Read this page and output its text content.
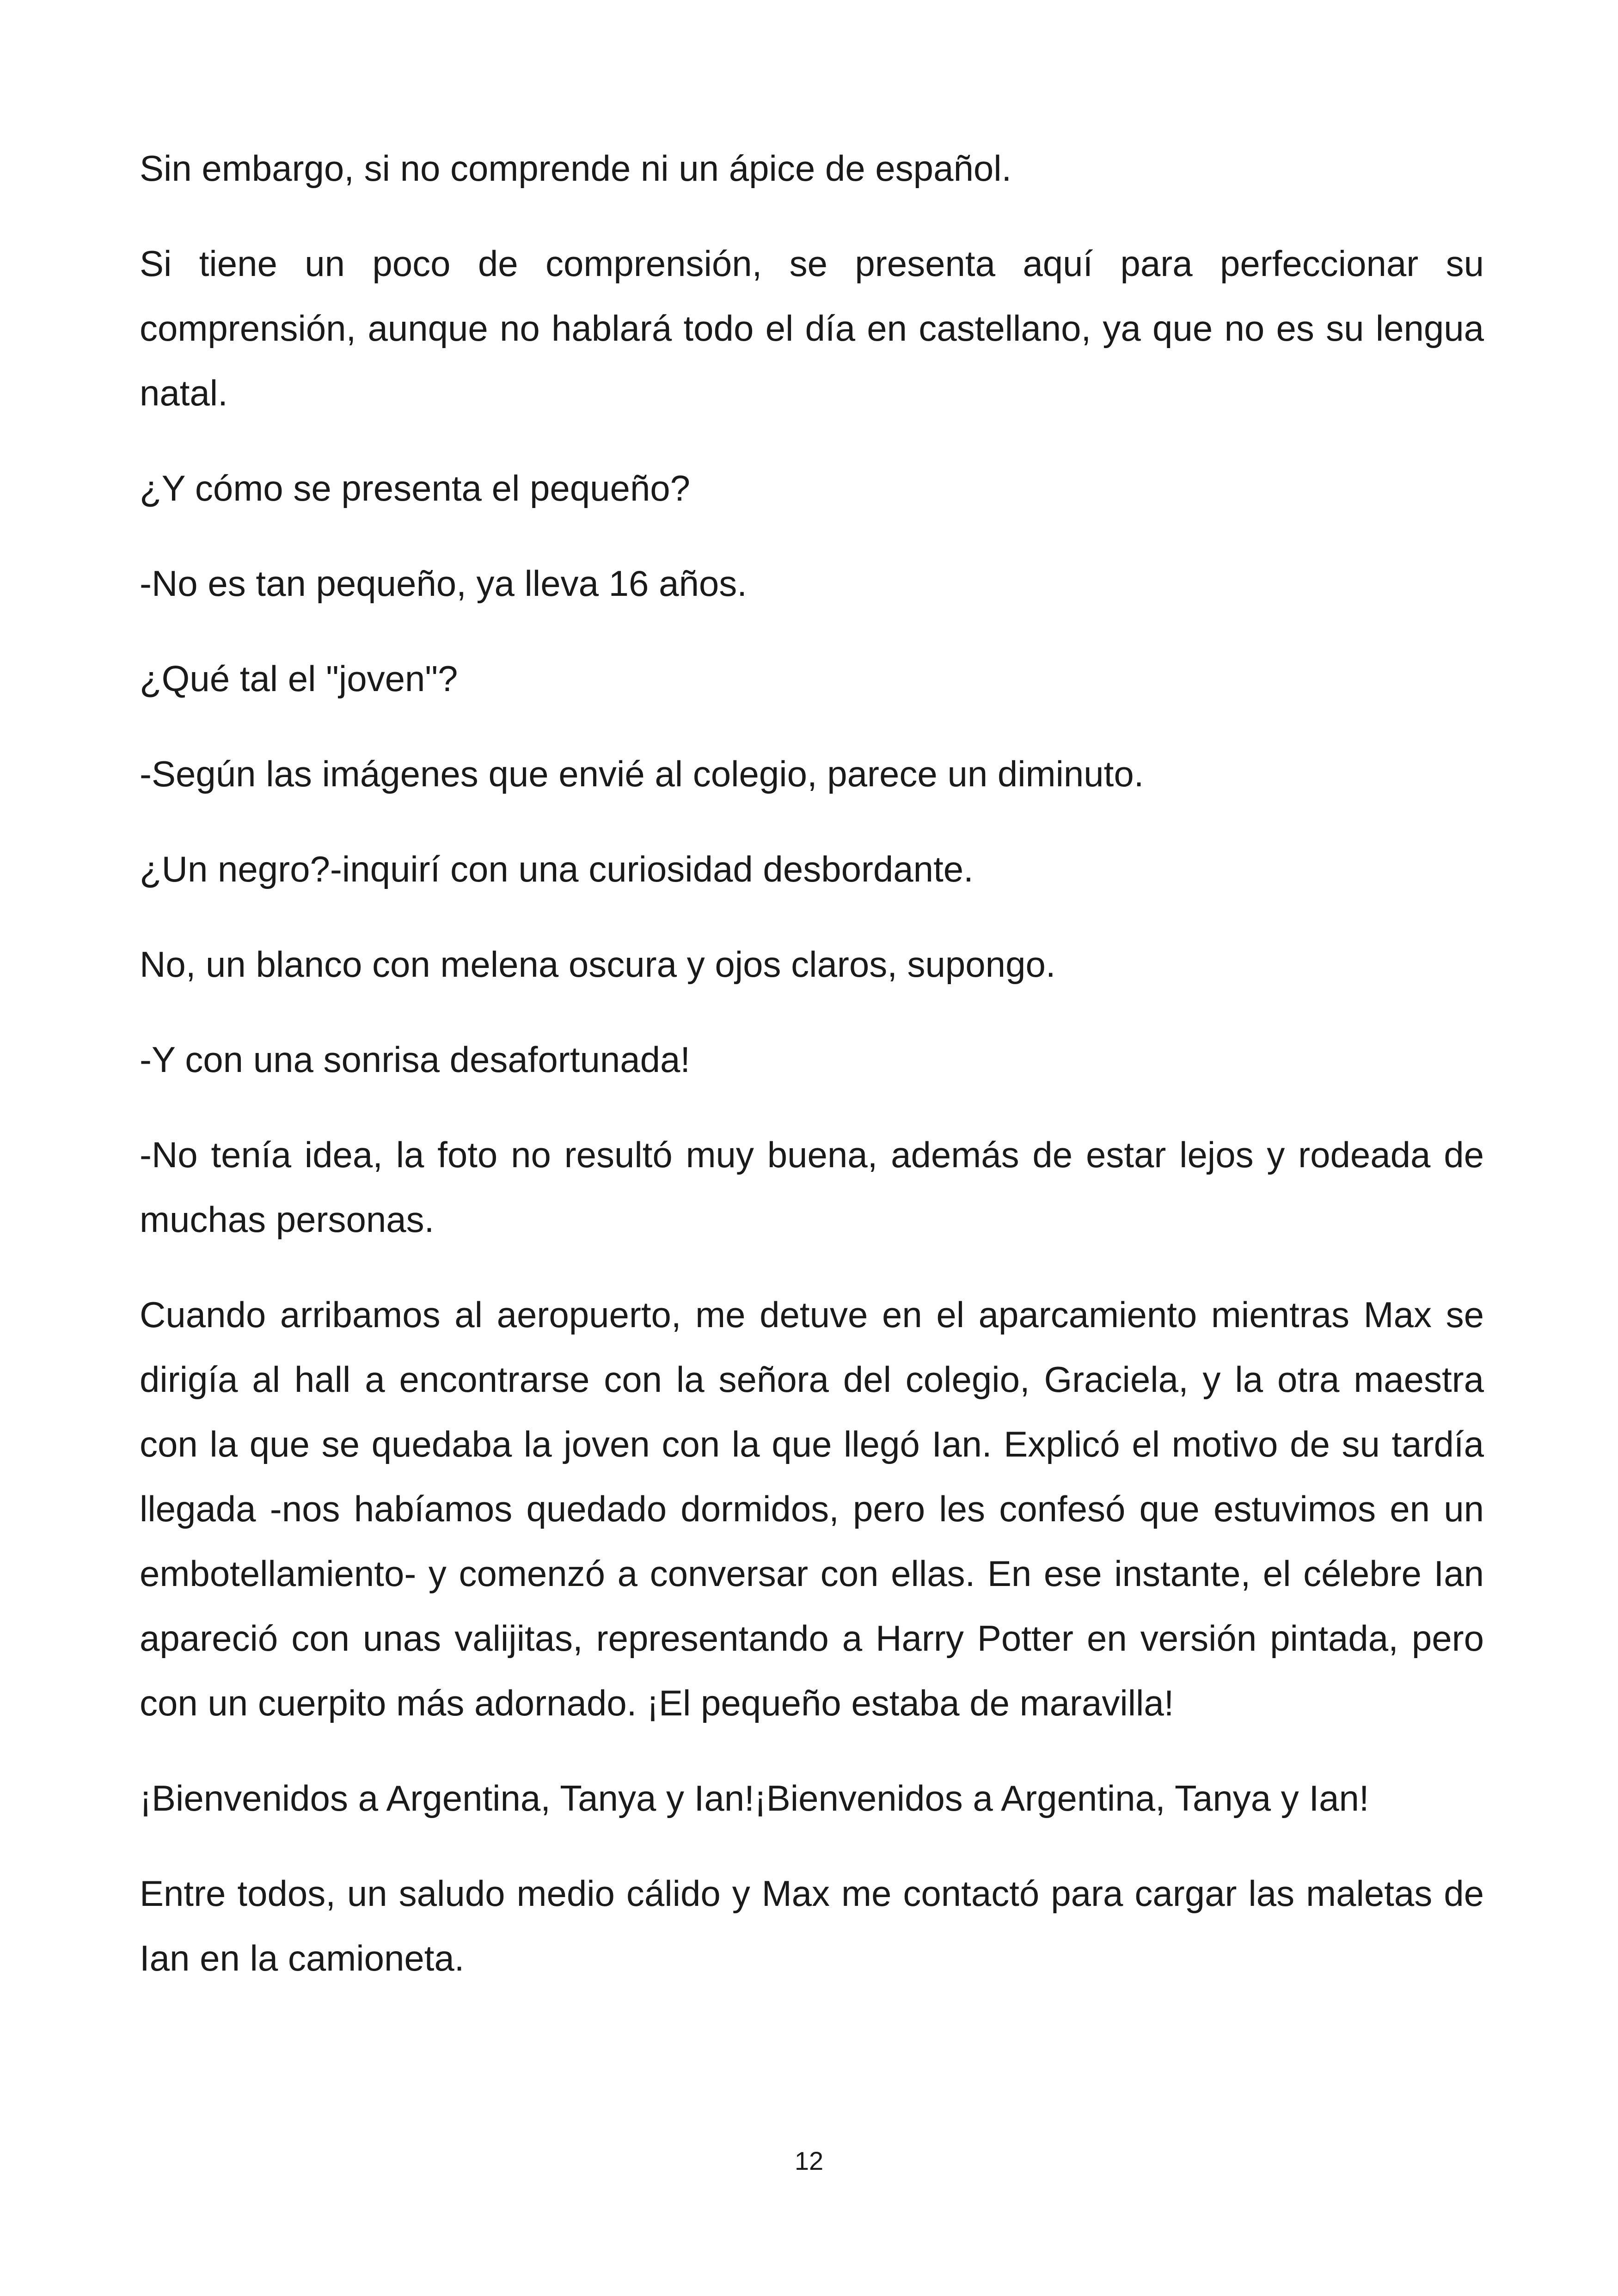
Sin embargo, si no comprende ni un ápice de español.

Si tiene un poco de comprensión, se presenta aquí para perfeccionar su comprensión, aunque no hablará todo el día en castellano, ya que no es su lengua natal.

¿Y cómo se presenta el pequeño?

-No es tan pequeño, ya lleva 16 años.

¿Qué tal el "joven"?

-Según las imágenes que envié al colegio, parece un diminuto.

¿Un negro?-inquirí con una curiosidad desbordante.

No, un blanco con melena oscura y ojos claros, supongo.

-Y con una sonrisa desafortunada!

-No tenía idea, la foto no resultó muy buena, además de estar lejos y rodeada de muchas personas.

Cuando arribamos al aeropuerto, me detuve en el aparcamiento mientras Max se dirigía al hall a encontrarse con la señora del colegio, Graciela, y la otra maestra con la que se quedaba la joven con la que llegó Ian. Explicó el motivo de su tardía llegada -nos habíamos quedado dormidos, pero les confesó que estuvimos en un embotellamiento- y comenzó a conversar con ellas. En ese instante, el célebre Ian apareció con unas valijitas, representando a Harry Potter en versión pintada, pero con un cuerpito más adornado. ¡El pequeño estaba de maravilla!

¡Bienvenidos a Argentina, Tanya y Ian!¡Bienvenidos a Argentina, Tanya y Ian!

Entre todos, un saludo medio cálido y Max me contactó para cargar las maletas de Ian en la camioneta.

12
